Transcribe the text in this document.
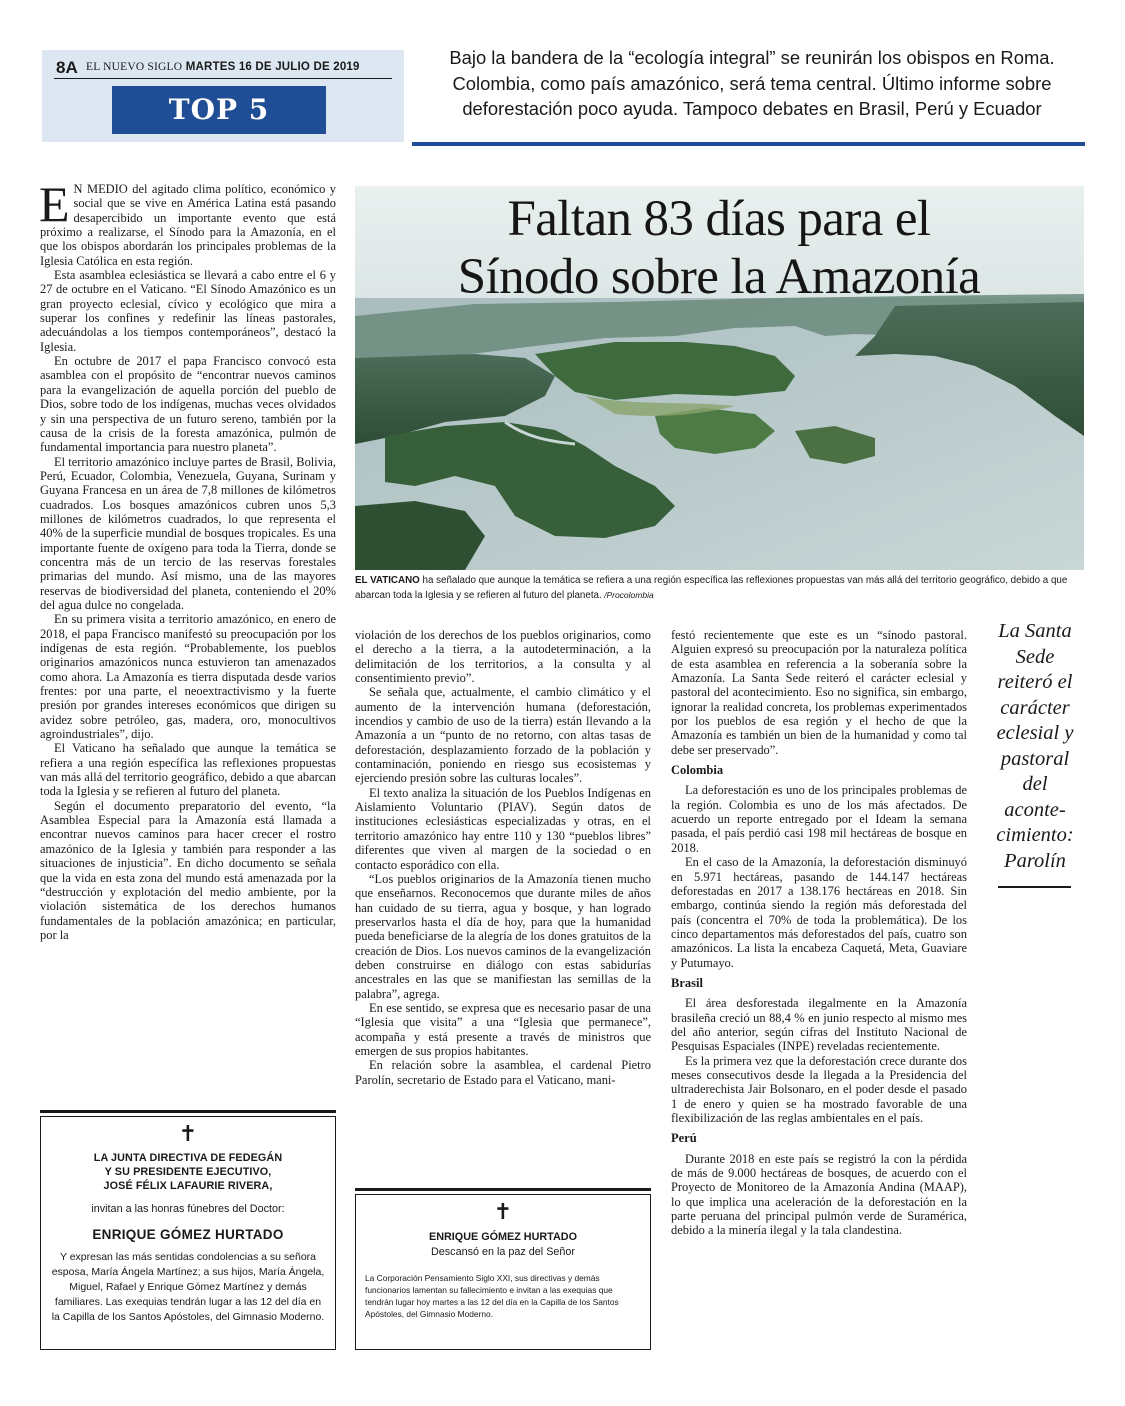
8A EL NUEVO SIGLO MARTES 16 DE JULIO DE 2019
TOP 5
Bajo la bandera de la “ecología integral” se reunirán los obispos en Roma.
Colombia, como país amazónico, será tema central. Último informe sobre
deforestación poco ayuda. Tampoco debates en Brasil, Perú y Ecuador
Faltan 83 días para el
Sínodo sobre la Amazonía
EL VATICANO ha señalado que aunque la temática se refiera a una región específica las reflexiones propuestas van más allá del territorio geográfico, debido a que abarcan toda la Iglesia y se refieren al futuro del planeta. /Procolombia

E N MEDIO del agitado clima político, económico y social que se vive en América Latina está pasando desapercibido un importante evento que está próximo a realizarse, el Sínodo para la Amazonía, en el que los obispos abordarán los principales problemas de la Iglesia Católica en esta región.

Esta asamblea eclesiástica se llevará a cabo entre el 6 y 27 de octubre en el Vaticano. “El Sínodo Amazónico es un gran proyecto eclesial, cívico y ecológico que mira a superar los confines y redefinir las líneas pastorales, adecuándolas a los tiempos contemporáneos”, destacó la Iglesia.

En octubre de 2017 el papa Francisco convocó esta asamblea con el propósito de “encontrar nuevos caminos para la evangelización de aquella porción del pueblo de Dios, sobre todo de los indígenas, muchas veces olvidados y sin una perspectiva de un futuro sereno, también por la causa de la crisis de la foresta amazónica, pulmón de fundamental importancia para nuestro planeta”.

El territorio amazónico incluye partes de Brasil, Bolivia, Perú, Ecuador, Colombia, Venezuela, Guyana, Surinam y Guyana Francesa en un área de 7,8 millones de kilómetros cuadrados. Los bosques amazónicos cubren unos 5,3 millones de kilómetros cuadrados, lo que representa el 40% de la superficie mundial de bosques tropicales. Es una importante fuente de oxígeno para toda la Tierra, donde se concentra más de un tercio de las reservas forestales primarias del mundo. Así mismo, una de las mayores reservas de biodiversidad del planeta, conteniendo el 20% del agua dulce no congelada.

En su primera visita a territorio amazónico, en enero de 2018, el papa Francisco manifestó su preocupación por los indígenas de esta región. “Probablemente, los pueblos originarios amazónicos nunca estuvieron tan amenazados como ahora. La Amazonía es tierra disputada desde varios frentes: por una parte, el neoextractivismo y la fuerte presión por grandes intereses económicos que dirigen su avidez sobre petróleo, gas, madera, oro, monocultivos agroindustriales”, dijo.

El Vaticano ha señalado que aunque la temática se refiera a una región específica las reflexiones propuestas van más allá del territorio geográfico, debido a que abarcan toda la Iglesia y se refieren al futuro del planeta.

Según el documento preparatorio del evento, “la Asamblea Especial para la Amazonía está llamada a encontrar nuevos caminos para hacer crecer el rostro amazónico de la Iglesia y también para responder a las situaciones de injusticia”. En dicho documento se señala que la vida en esta zona del mundo está amenazada por la “destrucción y explotación del medio ambiente, por la violación sistemática de los derechos humanos fundamentales de la población amazónica; en particular, por la

violación de los derechos de los pueblos originarios, como el derecho a la tierra, a la autodeterminación, a la delimitación de los territorios, a la consulta y al consentimiento previo”.

Se señala que, actualmente, el cambio climático y el aumento de la intervención humana (deforestación, incendios y cambio de uso de la tierra) están llevando a la Amazonía a un “punto de no retorno, con altas tasas de deforestación, desplazamiento forzado de la población y contaminación, poniendo en riesgo sus ecosistemas y ejerciendo presión sobre las culturas locales”.

El texto analiza la situación de los Pueblos Indígenas en Aislamiento Voluntario (PIAV). Según datos de instituciones eclesiásticas especializadas y otras, en el territorio amazónico hay entre 110 y 130 “pueblos libres” diferentes que viven al margen de la sociedad o en contacto esporádico con ella.

“Los pueblos originarios de la Amazonía tienen mucho que enseñarnos. Reconocemos que durante miles de años han cuidado de su tierra, agua y bosque, y han logrado preservarlos hasta el día de hoy, para que la humanidad pueda beneficiarse de la alegría de los dones gratuitos de la creación de Dios. Los nuevos caminos de la evangelización deben construirse en diálogo con estas sabidurías ancestrales en las que se manifiestan las semillas de la palabra”, agrega.

En ese sentido, se expresa que es necesario pasar de una “Iglesia que visita” a una “Iglesia que permanece”, acompaña y está presente a través de ministros que emergen de sus propios habitantes.

En relación sobre la asamblea, el cardenal Pietro Parolín, secretario de Estado para el Vaticano, mani-

festó recientemente que este es un “sínodo pastoral. Alguien expresó su preocupación por la naturaleza política de esta asamblea en referencia a la soberanía sobre la Amazonía. La Santa Sede reiteró el carácter eclesial y pastoral del acontecimiento. Eso no significa, sin embargo, ignorar la realidad concreta, los problemas experimentados por los pueblos de esa región y el hecho de que la Amazonía es también un bien de la humanidad y como tal debe ser preservado”.

Colombia

La deforestación es uno de los principales problemas de la región. Colombia es uno de los más afectados. De acuerdo un reporte entregado por el Ideam la semana pasada, el país perdió casi 198 mil hectáreas de bosque en 2018.

En el caso de la Amazonía, la deforestación disminuyó en 5.971 hectáreas, pasando de 144.147 hectáreas deforestadas en 2017 a 138.176 hectáreas en 2018. Sin embargo, continúa siendo la región más deforestada del país (concentra el 70% de toda la problemática). De los cinco departamentos más deforestados del país, cuatro son amazónicos. La lista la encabeza Caquetá, Meta, Guaviare y Putumayo.

Brasil

El área desforestada ilegalmente en la Amazonía brasileña creció un 88,4 % en junio respecto al mismo mes del año anterior, según cifras del Instituto Nacional de Pesquisas Espaciales (INPE) reveladas recientemente.

Es la primera vez que la deforestación crece durante dos meses consecutivos desde la llegada a la Presidencia del ultraderechista Jair Bolsonaro, en el poder desde el pasado 1 de enero y quien se ha mostrado favorable de una flexibilización de las reglas ambientales en el país.

Perú

Durante 2018 en este país se registró la con la pérdida de más de 9.000 hectáreas de bosques, de acuerdo con el Proyecto de Monitoreo de la Amazonía Andina (MAAP), lo que implica una aceleración de la deforestación en la parte peruana del principal pulmón verde de Suramérica, debido a la minería ilegal y la tala clandestina.

La Santa
Sede
reiteró el
carácter
eclesial y
pastoral
del
aconte-
cimiento:
Parolín
✝
LA JUNTA DIRECTIVA DE FEDEGÁN
Y SU PRESIDENTE EJECUTIVO,
JOSÉ FÉLIX LAFAURIE RIVERA,
invitan a las honras fúnebres del Doctor:
ENRIQUE GÓMEZ HURTADO
Y expresan las más sentidas condolencias a su señora esposa, María Ángela Martínez; a sus hijos, María Ángela, Miguel, Rafael y Enrique Gómez Martínez y demás familiares. Las exequias tendrán lugar a las 12 del día en la Capilla de los Santos Apóstoles, del Gimnasio Moderno.
✝
ENRIQUE GÓMEZ HURTADO
Descansó en la paz del Señor
La Corporación Pensamiento Siglo XXI, sus directivas y demás funcionarios lamentan su fallecimiento e invitan a las exequias que tendrán lugar hoy martes a las 12 del día en la Capilla de los Santos Apóstoles, del Gimnasio Moderno.
